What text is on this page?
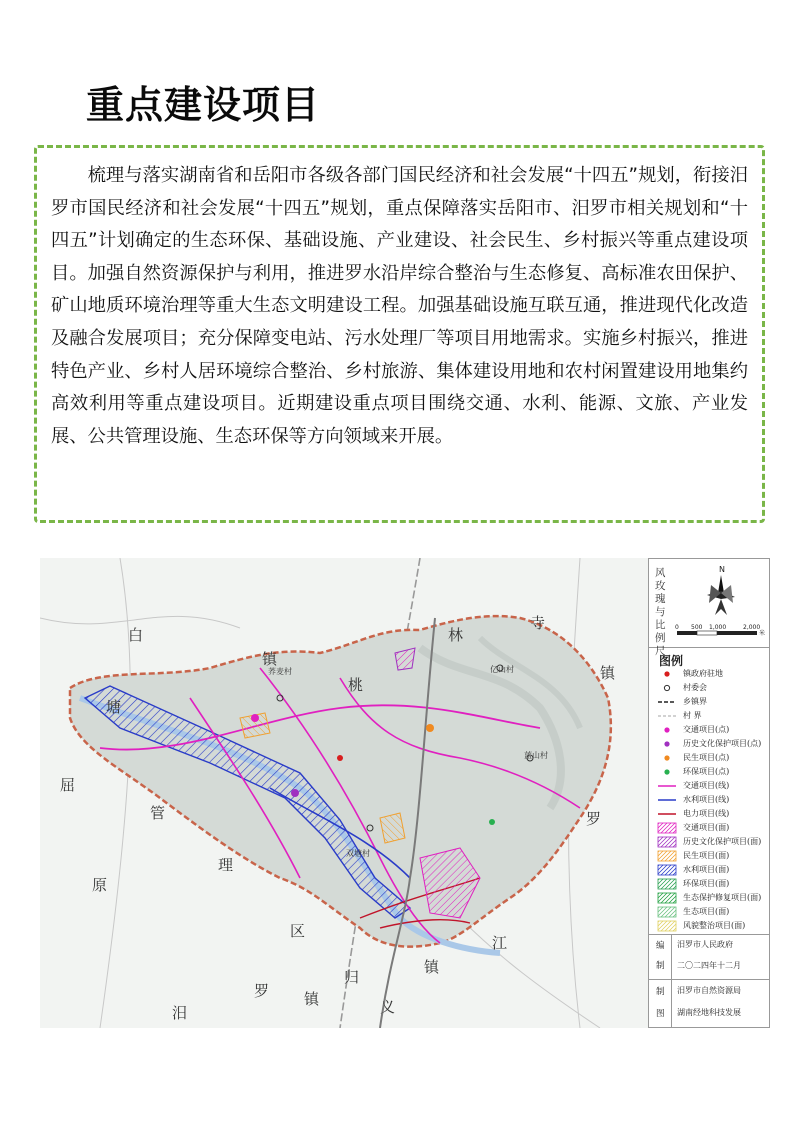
重点建设项目

梳理与落实湖南省和岳阳市各级各部门国民经济和社会发展“十四五”规划，衔接汨罗市国民经济和社会发展“十四五”规划，重点保障落实岳阳市、汨罗市相关规划和“十四五”计划确定的生态环保、基础设施、产业建设、社会民生、乡村振兴等重点建设项目。加强自然资源保护与利用，推进罗水沿岸综合整治与生态修复、高标准农田保护、矿山地质环境治理等重大生态文明建设工程。加强基础设施互联互通，推进现代化改造及融合发展项目；充分保障变电站、污水处理厂等项目用地需求。实施乡村振兴，推进特色产业、乡村人居环境综合整治、乡村旅游、集体建设用地和农村闲置建设用地集约高效利用等重点建设项目。近期建设重点项目围绕交通、水利、能源、文旅、产业发展、公共管理设施、生态环保等方向领域来开展。

白
塘
屈
管
原
理
区
镇
桃
林
寺
镇
罗
江
归
义
镇
罗
汨
镇
荞麦村
双塘村
亿山村
蓝山村
风玫瑰与比例尺
N
0 500 1,000	2,000
米
图例
镇政府驻地
村委会
乡镇界
村 界
交通项目(点)
历史文化保护项目(点)
民生项目(点)
环保项目(点)
交通项目(线)
水利项目(线)
电力项目(线)
交通项目(面)
历史文化保护项目(面)
民生项目(面)
水利项目(面)
环保项目(面)
生态保护修复项目(面)
生态项目(面)
风貌整治项目(面)
编
制
汨罗市人民政府
二〇二四年十二月
制
图
汨罗市自然资源局
湖南经地科技发展
